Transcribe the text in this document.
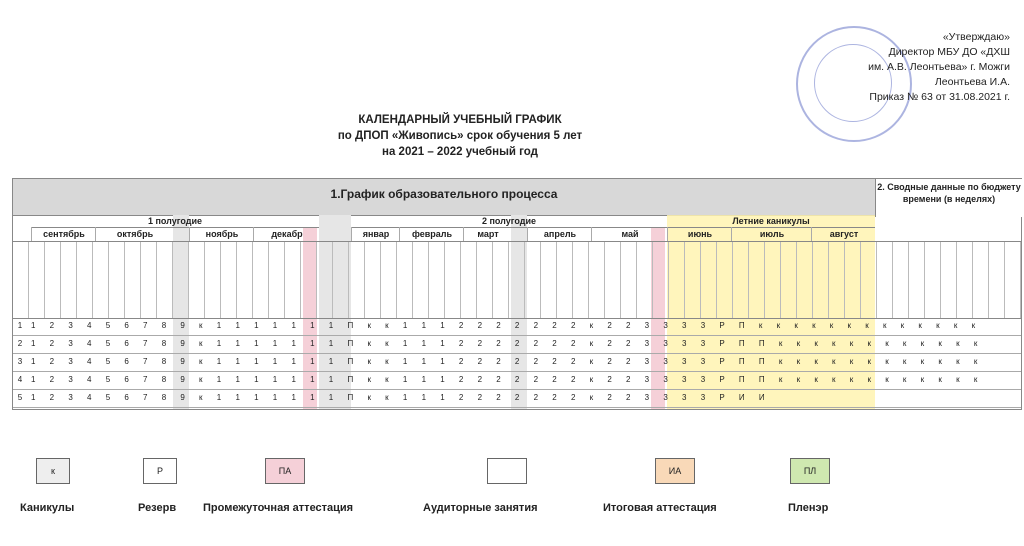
«Утверждаю»
Директор МБУ ДО «ДХШ
им. А.В. Леонтьева» г. Можги
Леонтьева И.А.
Приказ № 63 от 31.08.2021 г.
КАЛЕНДАРНЫЙ УЧЕБНЫЙ ГРАФИК
по ДПОП «Живопись» срок обучения 5 лет
на 2021 – 2022 учебный год
1.График образовательного процесса	2. Сводные данные по бюджету времени (в неделях)
1 полугодие	2 полугодие	Летние каникулы
сентябрь	октябрь	ноябрь	декабр	январ	февраль	март	апрель	май	июнь	июль	август
1	1 2 3 4 5 6 7 8 9 к 1 1 1 1 1 1 1 П к к 1 1 1 2 2 2 2 2 2 2 к 2 2 3 3 3 3 Р П к к к к к к к к к к к к к
2	1 2 3 4 5 6 7 8 9 к 1 1 1 1 1 1 1 П к к 1 1 1 2 2 2 2 2 2 2 к 2 2 3 3 3 3 Р П П к к к к к к к к к к к к
3	1 2 3 4 5 6 7 8 9 к 1 1 1 1 1 1 1 П к к 1 1 1 2 2 2 2 2 2 2 к 2 2 3 3 3 3 Р П П к к к к к к к к к к к к
4	1 2 3 4 5 6 7 8 9 к 1 1 1 1 1 1 1 П к к 1 1 1 2 2 2 2 2 2 2 к 2 2 3 3 3 3 Р П П к к к к к к к к к к к к
5	1 2 3 4 5 6 7 8 9 к 1 1 1 1 1 1 1 П к к 1 1 1 2 2 2 2 2 2 2 к 2 2 3 3 3 3 Р И И
к	Р	ПА	ИА	ПЛ
Каникулы	Резерв Промежуточная аттестация	Аудиторные занятия	Итоговая аттестация	Пленэр
